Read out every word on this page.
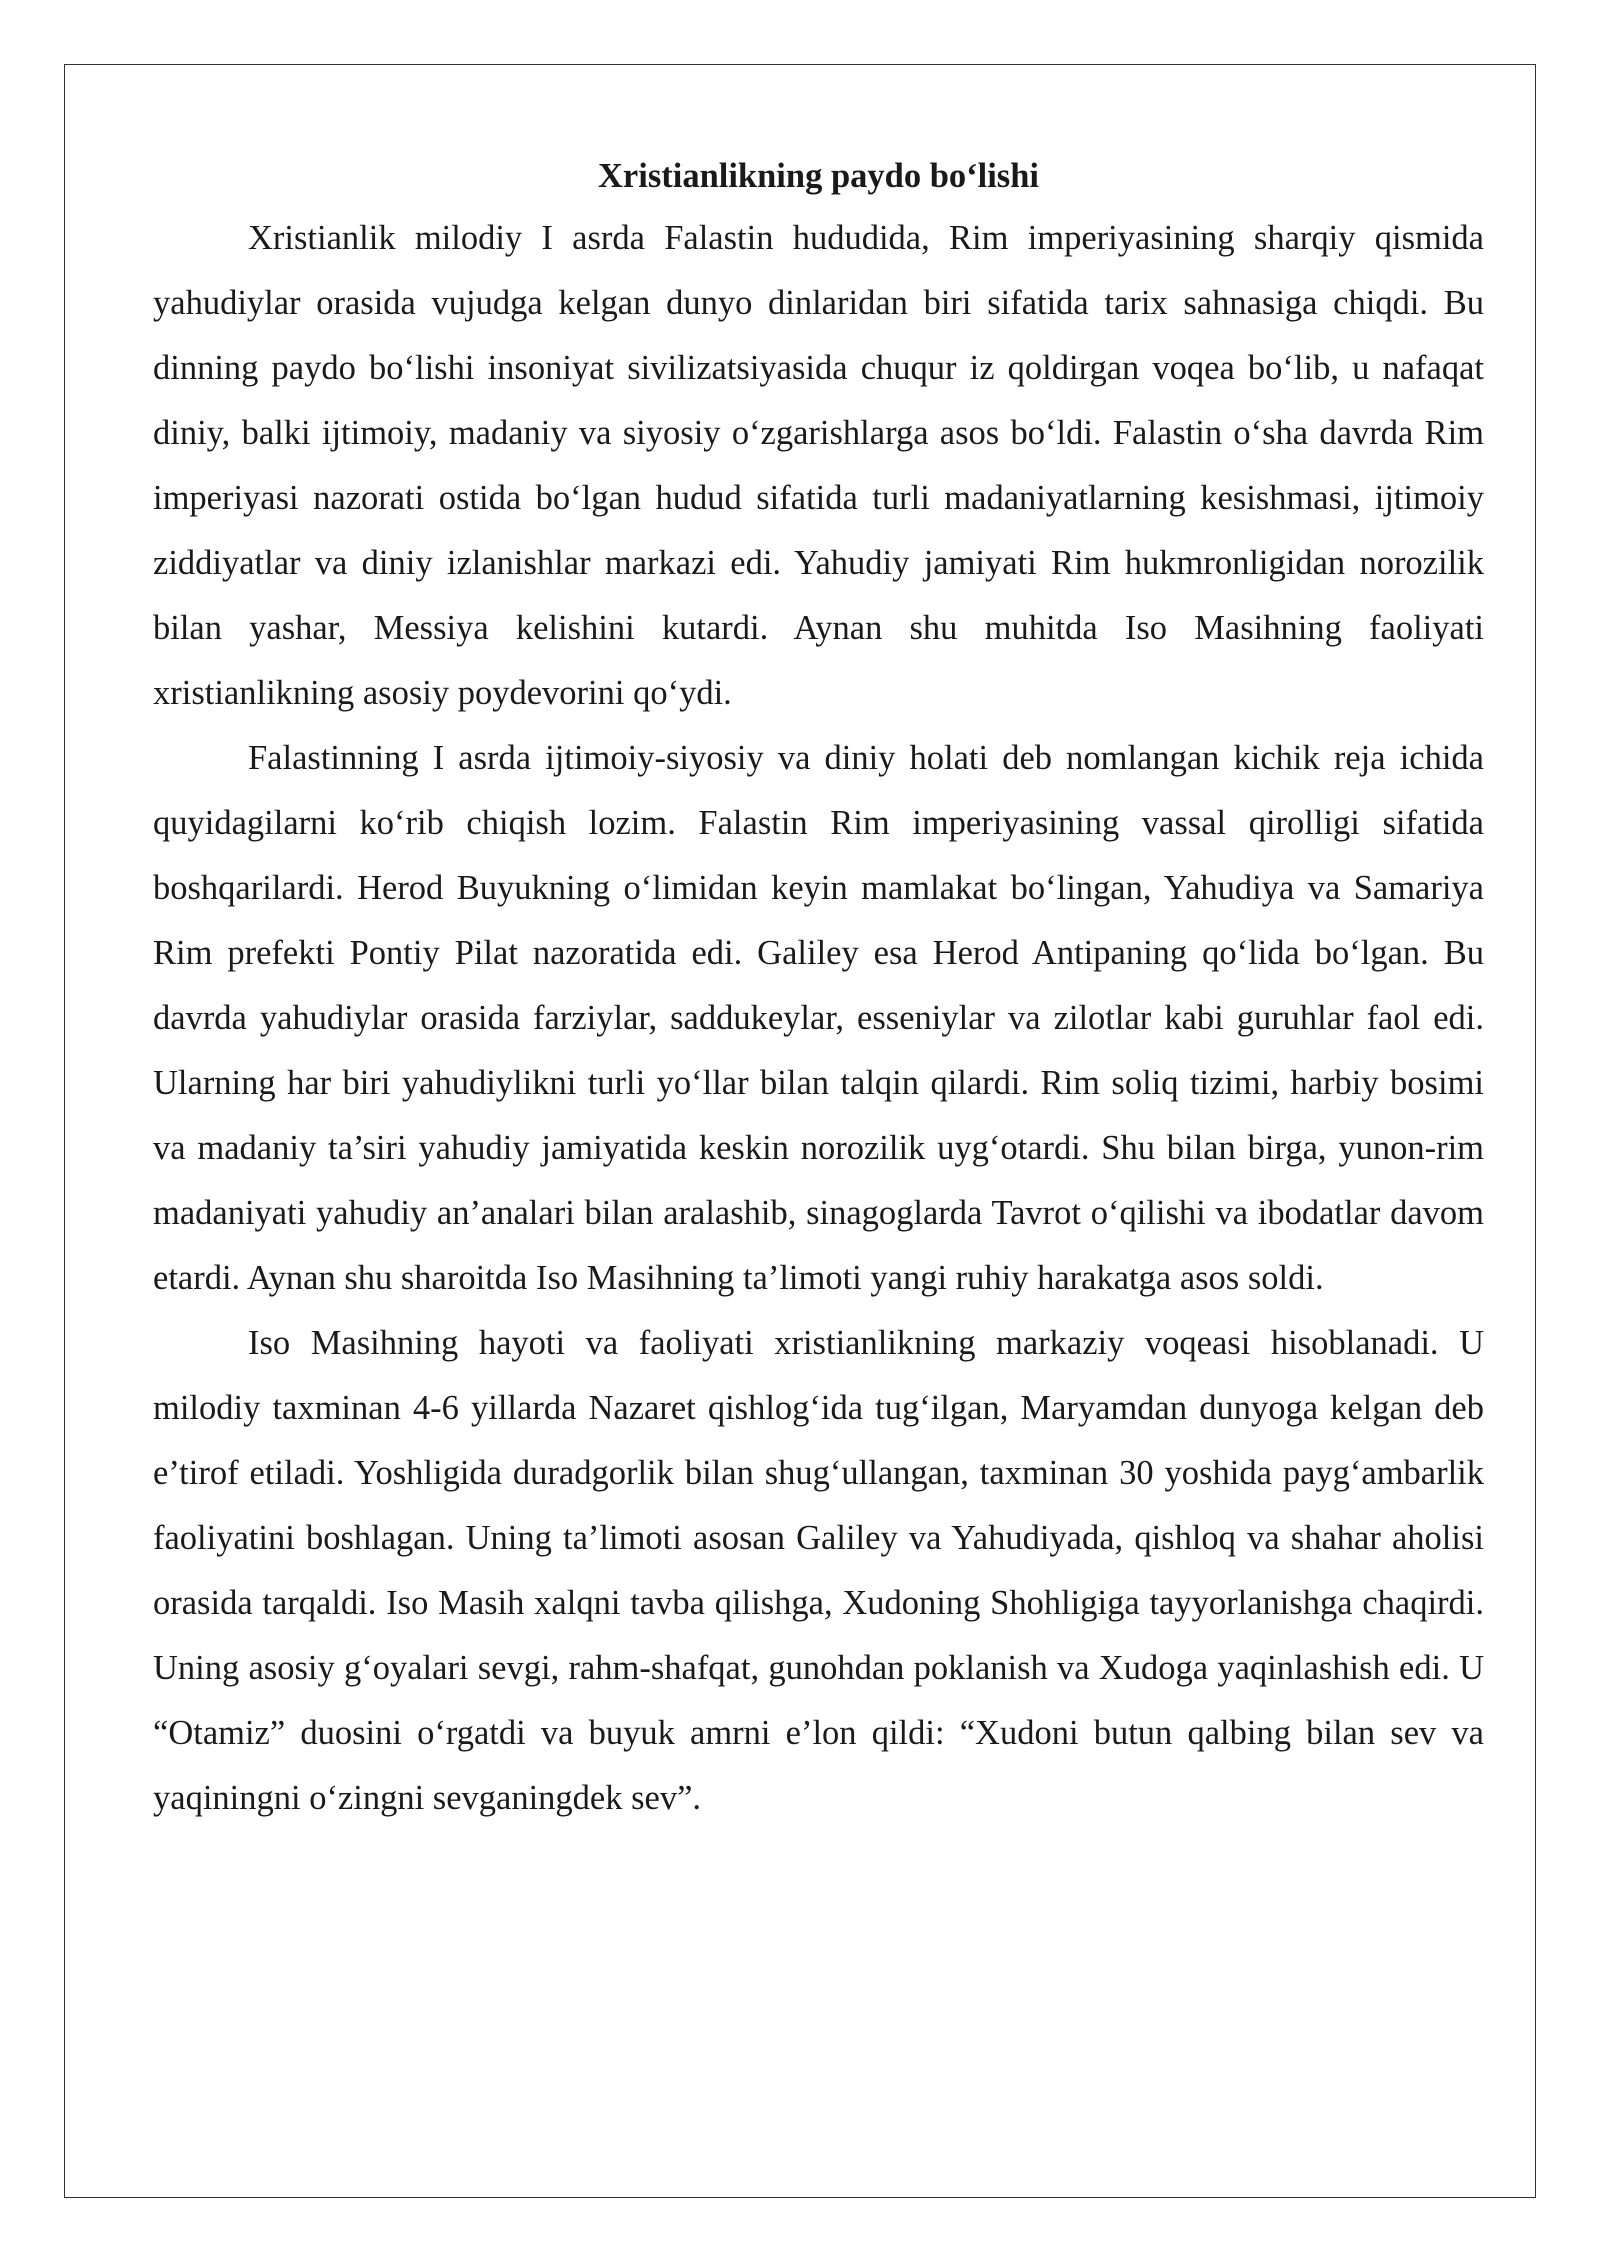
Xristianlikning paydo bo‘lishi

Xristianlik milodiy I asrda Falastin hududida, Rim imperiyasining sharqiy qismida yahudiylar orasida vujudga kelgan dunyo dinlaridan biri sifatida tarix sahnasiga chiqdi. Bu dinning paydo bo‘lishi insoniyat sivilizatsiyasida chuqur iz qoldirgan voqea bo‘lib, u nafaqat diniy, balki ijtimoiy, madaniy va siyosiy o‘zgarishlarga asos bo‘ldi. Falastin o‘sha davrda Rim imperiyasi nazorati ostida bo‘lgan hudud sifatida turli madaniyatlarning kesishmasi, ijtimoiy ziddiyatlar va diniy izlanishlar markazi edi. Yahudiy jamiyati Rim hukmronligidan norozilik bilan yashar, Messiya kelishini kutardi. Aynan shu muhitda Iso Masihning faoliyati xristianlikning asosiy poydevorini qo‘ydi.

Falastinning I asrda ijtimoiy-siyosiy va diniy holati deb nomlangan kichik reja ichida quyidagilarni ko‘rib chiqish lozim. Falastin Rim imperiyasining vassal qirolligi sifatida boshqarilardi. Herod Buyukning o‘limidan keyin mamlakat bo‘lingan, Yahudiya va Samariya Rim prefekti Pontiy Pilat nazoratida edi. Galiley esa Herod Antipaning qo‘lida bo‘lgan. Bu davrda yahudiylar orasida farziylar, saddukeylar, esseniylar va zilotlar kabi guruhlar faol edi. Ularning har biri yahudiylikni turli yo‘llar bilan talqin qilardi. Rim soliq tizimi, harbiy bosimi va madaniy ta’siri yahudiy jamiyatida keskin norozilik uyg‘otardi. Shu bilan birga, yunon-rim madaniyati yahudiy an’analari bilan aralashib, sinagoglarda Tavrot o‘qilishi va ibodatlar davom etardi. Aynan shu sharoitda Iso Masihning ta’limoti yangi ruhiy harakatga asos soldi.

Iso Masihning hayoti va faoliyati xristianlikning markaziy voqeasi hisoblanadi. U milodiy taxminan 4-6 yillarda Nazaret qishlog‘ida tug‘ilgan, Maryamdan dunyoga kelgan deb e’tirof etiladi. Yoshligida duradgorlik bilan shug‘ullangan, taxminan 30 yoshida payg‘ambarlik faoliyatini boshlagan. Uning ta’limoti asosan Galiley va Yahudiyada, qishloq va shahar aholisi orasida tarqaldi. Iso Masih xalqni tavba qilishga, Xudoning Shohligiga tayyorlanishga chaqirdi. Uning asosiy g‘oyalari sevgi, rahm-shafqat, gunohdan poklanish va Xudoga yaqinlashish edi. U “Otamiz” duosini o‘rgatdi va buyuk amrni e’lon qildi: “Xudoni butun qalbing bilan sev va yaqiningni o‘zingni sevganingdek sev”.
